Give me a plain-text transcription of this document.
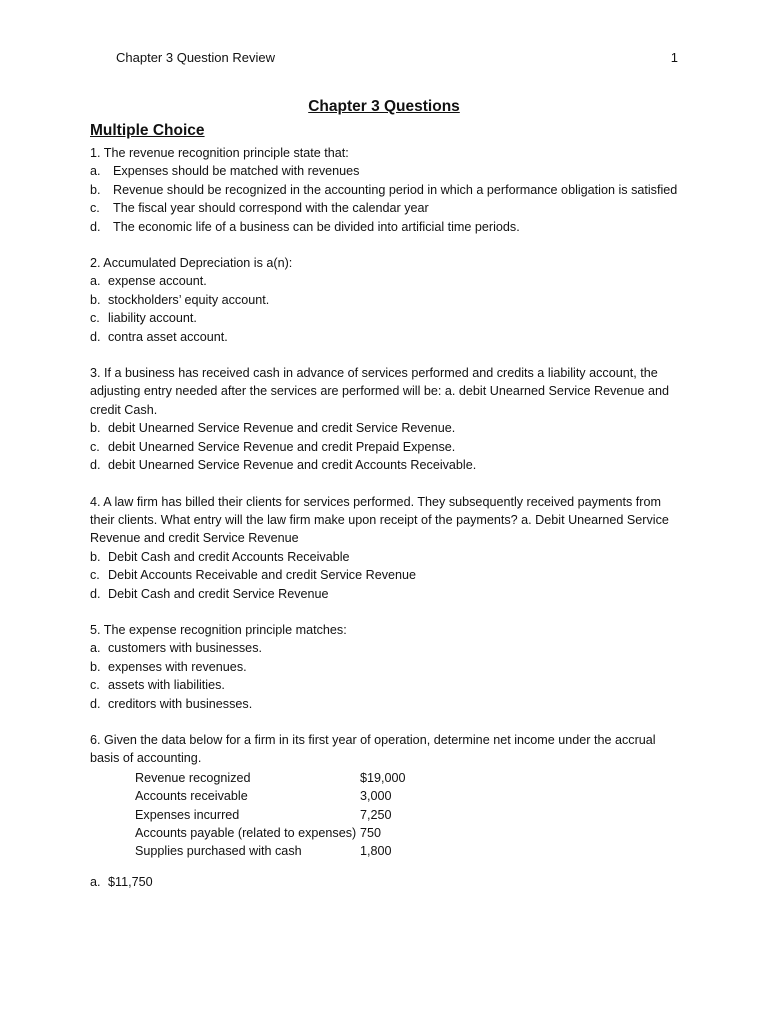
Chapter 3 Question Review	1
Chapter 3 Questions
Multiple Choice

1. The revenue recognition principle state that:

a. Expenses should be matched with revenues
b. Revenue should be recognized in the accounting period in which a performance obligation is satisfied
c.	The fiscal year should correspond with the calendar year
d. The economic life of a business can be divided into artificial time periods.

2. Accumulated Depreciation is a(n):

a. expense account.
b. stockholders’ equity account.
c. liability account.
d. contra asset account.

3. If a business has received cash in advance of services performed and credits a liability account, the adjusting entry needed after the services are performed will be: a. debit Unearned Service Revenue and credit Cash.

b. debit Unearned Service Revenue and credit Service Revenue.
c. debit Unearned Service Revenue and credit Prepaid Expense.
d. debit Unearned Service Revenue and credit Accounts Receivable.

4. A law firm has billed their clients for services performed. They subsequently received payments from their clients. What entry will the law firm make upon receipt of the payments? a. Debit Unearned Service Revenue and credit Service Revenue

b. Debit Cash and credit Accounts Receivable
c. Debit Accounts Receivable and credit Service Revenue
d. Debit Cash and credit Service Revenue

5. The expense recognition principle matches:

a. customers with businesses.
b. expenses with revenues.
c. assets with liabilities.
d. creditors with businesses.

6. Given the data below for a firm in its first year of operation, determine net income under the accrual basis of accounting.

Revenue recognized	$19,000
Accounts receivable	3,000
Expenses incurred	7,250
Accounts payable (related to expenses)	750
Supplies purchased with cash	1,800
a. $11,750
